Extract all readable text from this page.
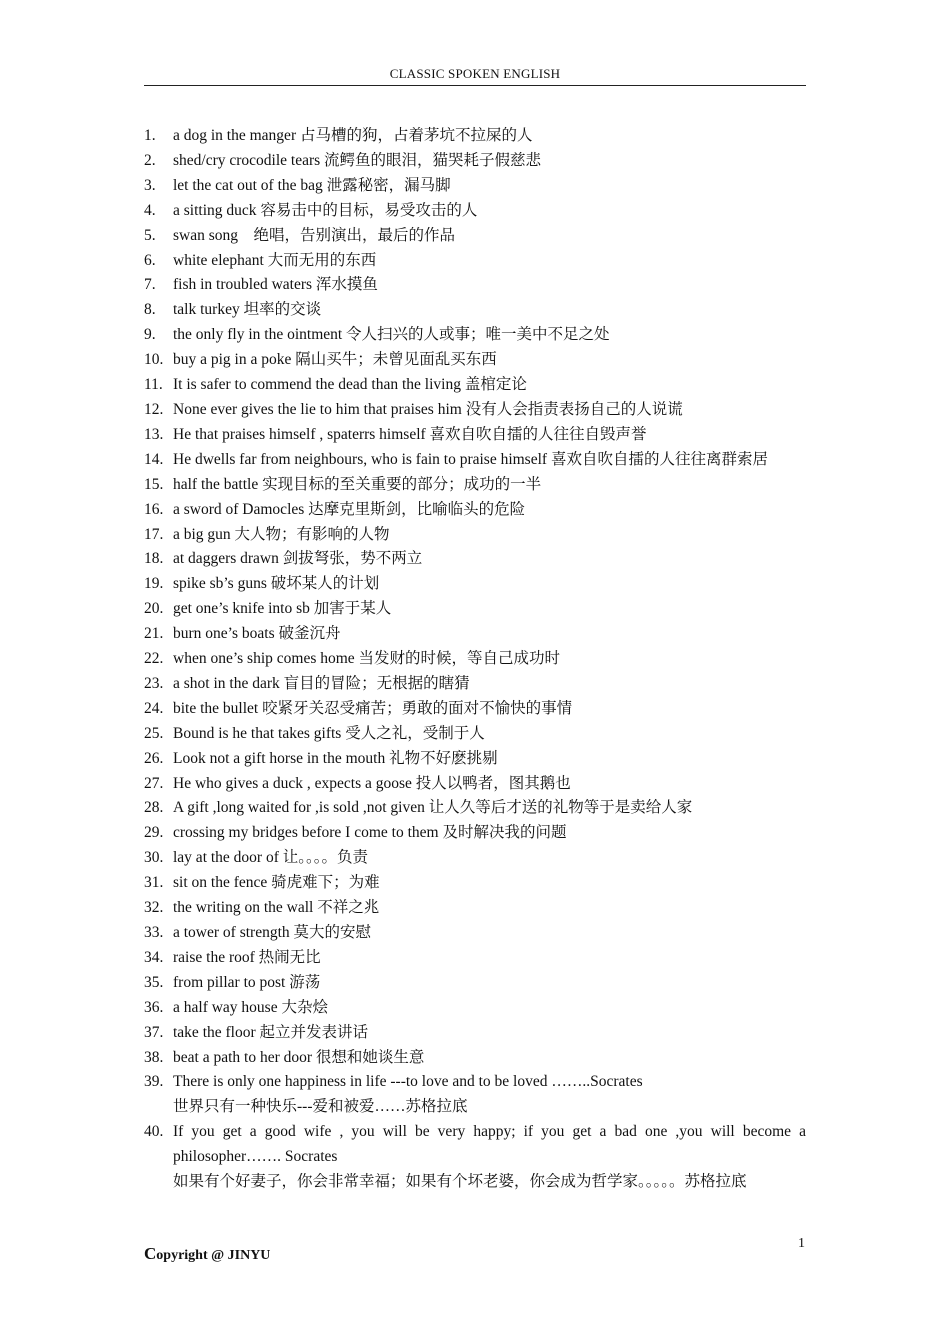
CLASSIC SPOKEN ENGLISH
1.	a dog in the manger 占马槽的狗，占着茅坑不拉屎的人
2.	shed/cry crocodile tears 流鳄鱼的眼泪，猫哭耗子假慈悲
3.	let the cat out of the bag 泄露秘密，漏马脚
4.	a sitting duck 容易击中的目标，易受攻击的人
5.	swan song　绝唱，告别演出，最后的作品
6.	white elephant 大而无用的东西
7.	fish in troubled waters 浑水摸鱼
8.	talk turkey 坦率的交谈
9.	the only fly in the ointment 令人扫兴的人或事；唯一美中不足之处
10. buy a pig in a poke 隔山买牛；未曾见面乱买东西
11. It is safer to commend the dead than the living 盖棺定论
12. None ever gives the lie to him that praises him 没有人会指责表扬自己的人说谎
13. He that praises himself , spaterrs himself 喜欢自吹自擂的人往往自毁声誉
14. He dwells far from neighbours, who is fain to praise himself 喜欢自吹自擂的人往往离群索居
15. half the battle 实现目标的至关重要的部分；成功的一半
16. a sword of Damocles 达摩克里斯剑，比喻临头的危险
17. a big gun 大人物；有影响的人物
18. at daggers drawn 剑拔弩张，势不两立
19. spike sb’s guns 破坏某人的计划
20. get one’s knife into sb 加害于某人
21. burn one’s boats 破釜沉舟
22. when one’s ship comes home 当发财的时候，等自己成功时
23. a shot in the dark 盲目的冒险；无根据的瞎猜
24. bite the bullet 咬紧牙关忍受痛苦；勇敢的面对不愉快的事情
25. Bound is he that takes gifts 受人之礼，受制于人
26. Look not a gift horse in the mouth 礼物不好麽挑剔
27. He who gives a duck , expects a goose 投人以鸭者，图其鹅也
28. A gift ,long waited for ,is sold ,not given 让人久等后才送的礼物等于是卖给人家
29. crossing my bridges before I come to them 及时解决我的问题
30. lay at the door of 让。。。。负责
31. sit on the fence 骑虎难下；为难
32. the writing on the wall 不祥之兆
33. a tower of strength 莫大的安慰
34. raise the roof 热闹无比
35. from pillar to post 游荡
36. a half way house 大杂烩
37. take the floor 起立并发表讲话
38. beat a path to her door 很想和她谈生意
39. There is only one happiness in life ---to love and to be loved ……..Socrates
世界只有一种快乐---爱和被爱……苏格拉底
40. If you get a good wife , you will be very happy; if you get a bad one ,you will become a philosopher……. Socrates
如果有个好妻子，你会非常幸福；如果有个坏老婆，你会成为哲学家。。。。。苏格拉底
Copyright @ JINYU
1
